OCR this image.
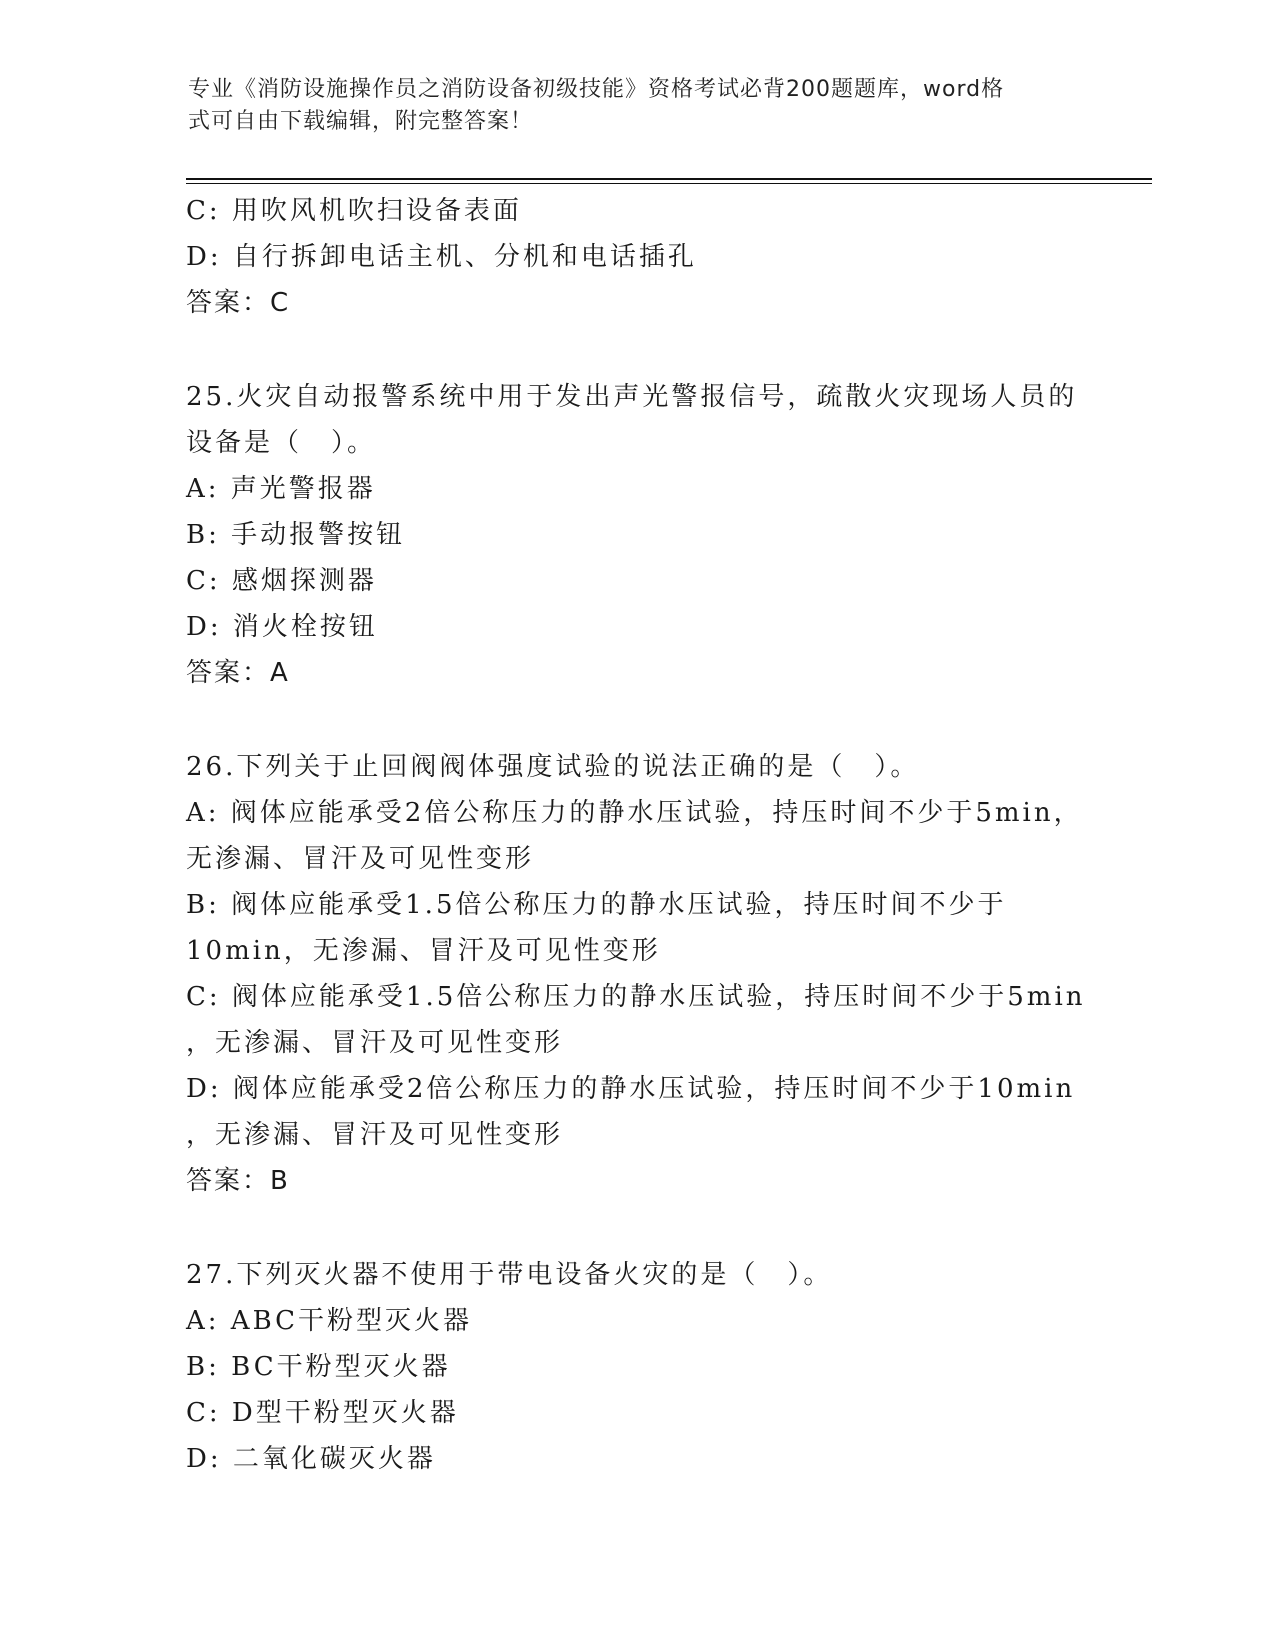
专业《消防设施操作员之消防设备初级技能》资格考试必背200题题库，word格
式可自由下载编辑，附完整答案！
C: 用吹风机吹扫设备表面
D: 自行拆卸电话主机、分机和电话插孔
答案：C
25.火灾自动报警系统中用于发出声光警报信号，疏散火灾现场人员的
设备是（　）。
A: 声光警报器
B: 手动报警按钮
C: 感烟探测器
D: 消火栓按钮
答案：A
26.下列关于止回阀阀体强度试验的说法正确的是（　）。
A: 阀体应能承受2倍公称压力的静水压试验，持压时间不少于5min，
无渗漏、冒汗及可见性变形
B: 阀体应能承受1.5倍公称压力的静水压试验，持压时间不少于
10min，无渗漏、冒汗及可见性变形
C: 阀体应能承受1.5倍公称压力的静水压试验，持压时间不少于5min
，无渗漏、冒汗及可见性变形
D: 阀体应能承受2倍公称压力的静水压试验，持压时间不少于10min
，无渗漏、冒汗及可见性变形
答案：B
27.下列灭火器不使用于带电设备火灾的是（　）。
A: ABC干粉型灭火器
B: BC干粉型灭火器
C: D型干粉型灭火器
D: 二氧化碳灭火器
